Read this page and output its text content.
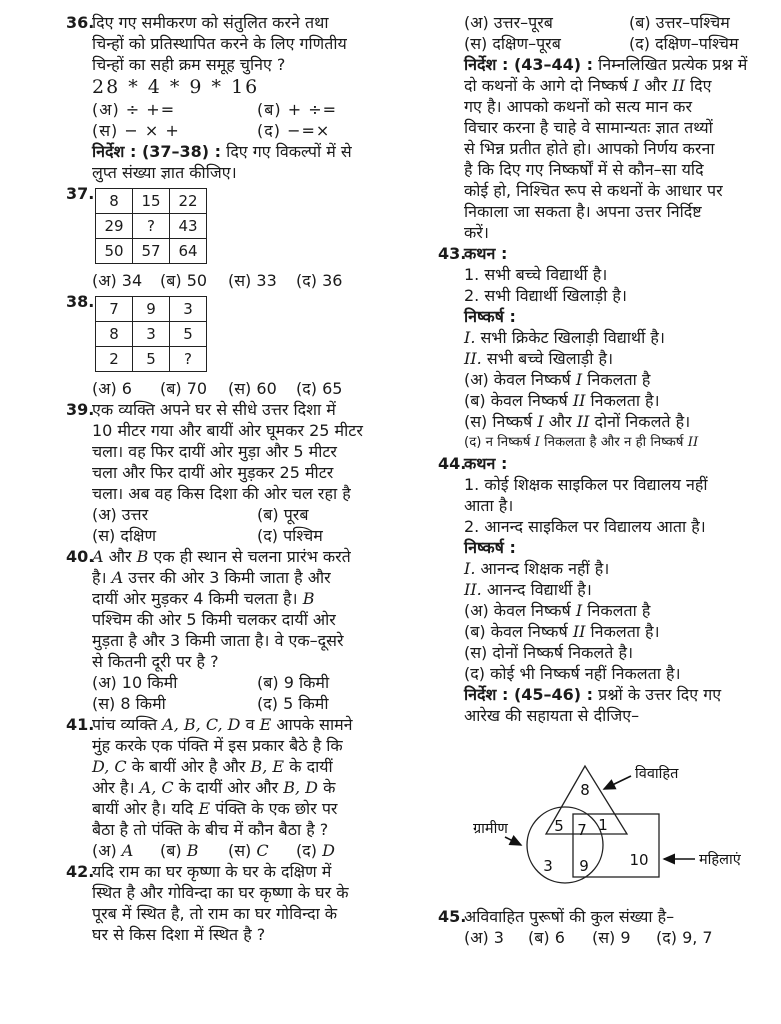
36.
दिए गए समीकरण को संतुलित करने तथा
चिन्हों को प्रतिस्थापित करने के लिए गणितीय
चिन्हों का सही क्रम समूह चुनिए ?
28 * 4 * 9 * 16
(अ) ÷ +=	(ब) + ÷=
(स) − × +	(द) −=×
निर्देश : (37–38) : दिए गए विकल्पों में से
लुप्त संख्या ज्ञात कीजिए।
37. 8	15	22
29	?	43
50	57	64
(अ) 34	(ब) 50	(स) 33	(द) 36
38. 7	9	3
8	3	5
2	5	?
(अ) 6	(ब) 70	(स) 60	(द) 65
39.
एक व्यक्ति अपने घर से सीधे उत्तर दिशा में
10 मीटर गया और बायीं ओर घूमकर 25 मीटर
चला। वह फिर दायीं ओर मुड़ा और 5 मीटर
चला और फिर दायीं ओर मुड़कर 25 मीटर
चला। अब वह किस दिशा की ओर चल रहा है
(अ) उत्तर	(ब) पूरब
(स) दक्षिण	(द) पश्चिम
40.
A और B एक ही स्थान से चलना प्रारंभ करते
है। A उत्तर की ओर 3 किमी जाता है और
दायीं ओर मुड़कर 4 किमी चलता है। B
पश्चिम की ओर 5 किमी चलकर दायीं ओर
मुड़ता है और 3 किमी जाता है। वे एक–दूसरे
से कितनी दूरी पर है ?
(अ) 10 किमी	(ब) 9 किमी
(स) 8 किमी	(द) 5 किमी
41.
पांच व्यक्ति A, B, C, D व E आपके सामने
मुंह करके एक पंक्ति में इस प्रकार बैठे है कि
D, C के बायीं ओर है और B, E के दायीं
ओर है। A, C के दायीं ओर और B, D के
बायीं ओर है। यदि E पंक्ति के एक छोर पर
बैठा है तो पंक्ति के बीच में कौन बैठा है ?
(अ) A	(ब) B	(स) C	(द) D
42.
यदि राम का घर कृष्णा के घर के दक्षिण में
स्थित है और गोविन्दा का घर कृष्णा के घर के
पूरब में स्थित है, तो राम का घर गोविन्दा के
घर से किस दिशा में स्थित है ?
(अ) उत्तर–पूरब	(ब) उत्तर–पश्चिम
(स) दक्षिण–पूरब	(द) दक्षिण–पश्चिम
निर्देश : (43–44) : निम्नलिखित प्रत्येक प्रश्न में
दो कथनों के आगे दो निष्कर्ष I और II दिए
गए है। आपको कथनों को सत्य मान कर
विचार करना है चाहे वे सामान्यतः ज्ञात तथ्यों
से भिन्न प्रतीत होते हो। आपको निर्णय करना
है कि दिए गए निष्कर्षों में से कौन–सा यदि
कोई हो, निश्चित रूप से कथनों के आधार पर
निकाला जा सकता है। अपना उत्तर निर्दिष्ट
करें।
43.
कथन :
1. सभी बच्चे विद्यार्थी है।
2. सभी विद्यार्थी खिलाड़ी है।
निष्कर्ष :
I. सभी क्रिकेट खिलाड़ी विद्यार्थी है।
II. सभी बच्चे खिलाड़ी है।
(अ) केवल निष्कर्ष I निकलता है
(ब) केवल निष्कर्ष II निकलता है।
(स) निष्कर्ष I और II दोनों निकलते है।
(द) न निष्कर्ष I निकलता है और न ही निष्कर्ष II
44.
कथन :
1. कोई शिक्षक साइकिल पर विद्यालय नहीं
आता है।
2. आनन्द साइकिल पर विद्यालय आता है।
निष्कर्ष :
I. आनन्द शिक्षक नहीं है।
II. आनन्द विद्यार्थी है।
(अ) केवल निष्कर्ष I निकलता है
(ब) केवल निष्कर्ष II निकलता है।
(स) दोनों निष्कर्ष निकलते है।
(द) कोई भी निष्कर्ष नहीं निकलता है।
निर्देश : (45–46) : प्रश्नों के उत्तर दिए गए
आरेख की सहायता से दीजिए–
8
5 7 1
3 9	10
विवाहित
ग्रामीण
महिलाएं
45.
अविवाहित पुरूषों की कुल संख्या है–
(अ) 3	(ब) 6	(स) 9	(द) 9, 7
